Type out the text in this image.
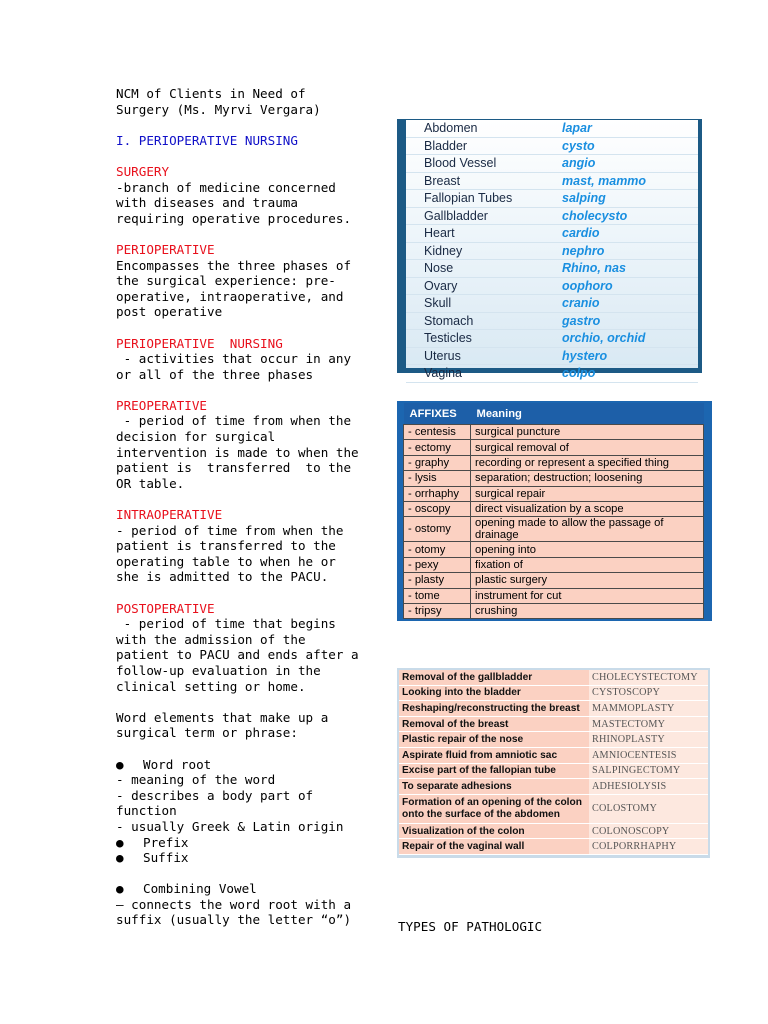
NCM of Clients in Need of

Surgery (Ms. Myrvi Vergara)

I. PERIOPERATIVE NURSING

SURGERY

-branch of medicine concerned

with diseases and trauma

requiring operative procedures.

PERIOPERATIVE

Encompasses the three phases of

the surgical experience: pre-

operative, intraoperative, and

post operative

PERIOPERATIVE  NURSING

- activities that occur in any

or all of the three phases

PREOPERATIVE

- period of time from when the

decision for surgical

intervention is made to when the

patient is  transferred  to the

OR table.

INTRAOPERATIVE

- period of time from when the

patient is transferred to the

operating table to when he or

she is admitted to the PACU.

POSTOPERATIVE

- period of time that begins

with the admission of the

patient to PACU and ends after a

follow-up evaluation in the

clinical setting or home.

Word elements that make up a

surgical term or phrase:

● Word root

- meaning of the word

- describes a body part of

function

- usually Greek & Latin origin

● Prefix

● Suffix

● Combining Vowel

– connects the word root with a

suffix (usually the letter “o”)

Abdomen	lapar
Bladder	cysto
Blood Vessel	angio
Breast	mast, mammo
Fallopian Tubes	salping
Gallbladder	cholecysto
Heart	cardio
Kidney	nephro
Nose	Rhino, nas
Ovary	oophoro
Skull	cranio
Stomach	gastro
Testicles	orchio, orchid
Uterus	hystero
Vagina	colpo
AFFIXES	Meaning
- centesis	surgical puncture
- ectomy	surgical removal of
- graphy	recording or represent a specified thing
- lysis	separation; destruction; loosening
- orrhaphy	surgical repair
- oscopy	direct visualization by a scope
- ostomy	opening made to allow the passage of drainage
- otomy	opening into
- pexy	fixation of
- plasty	plastic surgery
- tome	instrument for cut
- tripsy	crushing
Removal of the gallbladder	CHOLECYSTECTOMY
Looking into the bladder	CYSTOSCOPY
Reshaping/reconstructing the breast	MAMMOPLASTY
Removal of the breast	MASTECTOMY
Plastic repair of the nose	RHINOPLASTY
Aspirate fluid from amniotic sac	AMNIOCENTESIS
Excise part of the fallopian tube	SALPINGECTOMY
To separate adhesions	ADHESIOLYSIS
Formation of an opening of the colon onto the surface of the abdomen	COLOSTOMY
Visualization of the colon	COLONOSCOPY
Repair of the vaginal wall	COLPORRHAPHY
TYPES OF PATHOLOGIC
